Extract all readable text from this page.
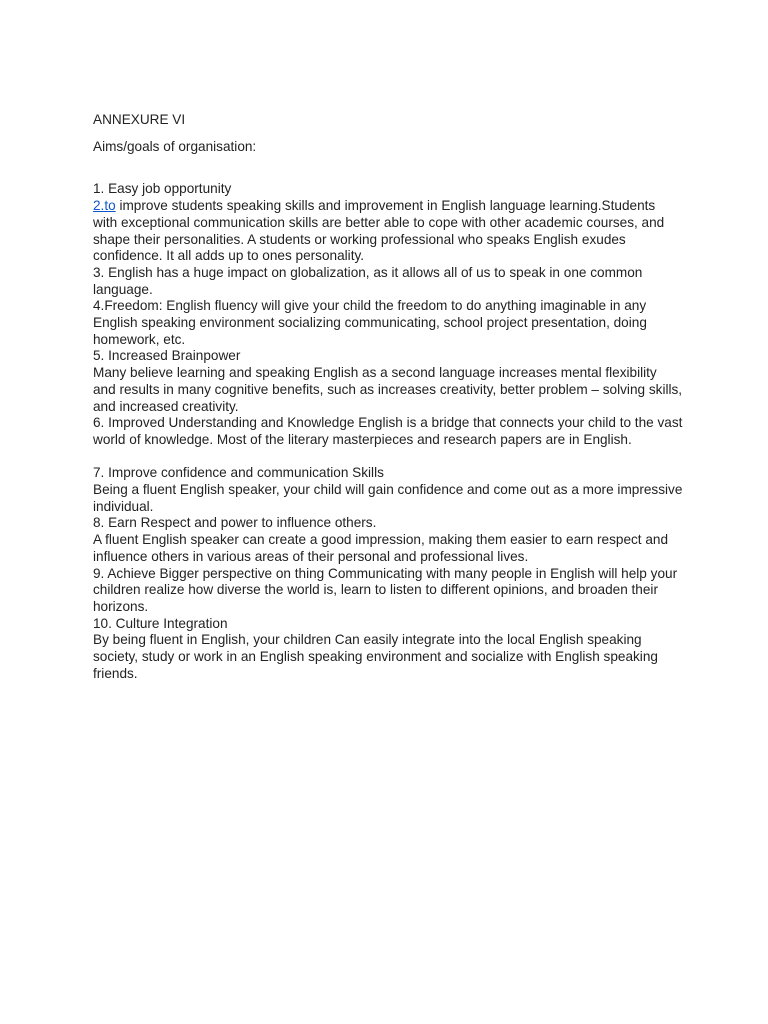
ANNEXURE VI
Aims/goals of organisation:
1. Easy job opportunity
2.to improve students speaking skills and improvement in English language learning.Students with exceptional communication skills are better able to cope with other academic courses, and shape their personalities. A students or working professional who speaks English exudes confidence. It all adds up to ones personality.
3. English has a huge impact on globalization, as it allows all of us to speak in one common language.
4.Freedom: English fluency will give your child the freedom to do anything imaginable in any English speaking environment socializing communicating, school project presentation, doing homework, etc.
5. Increased Brainpower
Many believe learning and speaking English as a second language increases mental flexibility and results in many cognitive benefits, such as increases creativity, better problem – solving skills, and increased creativity.
6. Improved Understanding and Knowledge English is a bridge that connects your child to the vast world of knowledge. Most of the literary masterpieces and research papers are in English.
7. Improve confidence and communication Skills
Being a fluent English speaker, your child will gain confidence and come out as a more impressive individual.
8. Earn Respect and power to influence others.
A fluent English speaker can create a good impression, making them easier to earn respect and influence others in various areas of their personal and professional lives.
9. Achieve Bigger perspective on thing Communicating with many people in English will help your children realize how diverse the world is, learn to listen to different opinions, and broaden their horizons.
10. Culture Integration
By being fluent in English, your children Can easily integrate into the local English speaking society, study or work in an English speaking environment and socialize with English speaking friends.
